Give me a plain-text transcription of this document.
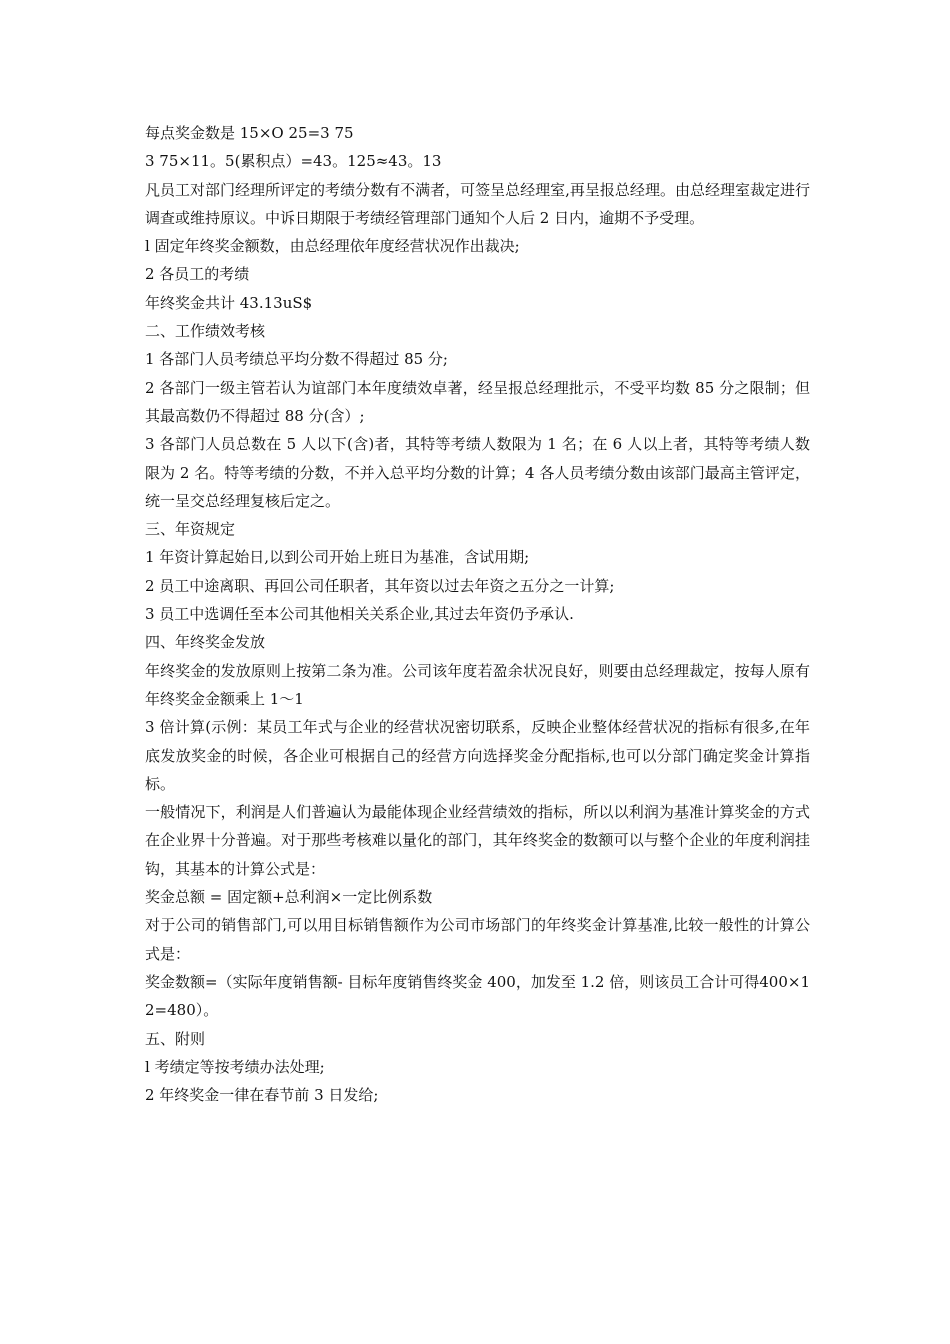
每点奖金数是 15×O 25=3 75

3 75×11。5(累积点）=43。125≈43。13

凡员工对部门经理所评定的考绩分数有不满者，可签呈总经理室,再呈报总经理。由总经理室裁定进行调查或维持原议。中诉日期限于考绩经管理部门通知个人后 2 日内，逾期不予受理。

l 固定年终奖金额数，由总经理依年度经营状况作出裁决;

2 各员工的考绩

年终奖金共计 43.13uS$

二、工作绩效考核

1 各部门人员考绩总平均分数不得超过 85 分;

2 各部门一级主管若认为谊部门本年度绩效卓著，经呈报总经理批示，不受平均数 85 分之限制；但其最高数仍不得超过 88 分(含）;

3 各部门人员总数在 5 人以下(含)者，其特等考绩人数限为 1 名；在 6 人以上者，其特等考绩人数限为 2 名。特等考绩的分数，不并入总平均分数的计算；4 各人员考绩分数由该部门最高主管评定，统一呈交总经理复核后定之。

三、年资规定

1 年资计算起始日,以到公司开始上班日为基准，含试用期;

2 员工中途离职、再回公司任职者，其年资以过去年资之五分之一计算;

3 员工中选调任至本公司其他相关关系企业,其过去年资仍予承认.

四、年终奖金发放

年终奖金的发放原则上按第二条为准。公司该年度若盈余状况良好，则要由总经理裁定，按每人原有年终奖金金额乘上 1～1

3 倍计算(示例：某员工年式与企业的经营状况密切联系，反映企业整体经营状况的指标有很多,在年底发放奖金的时候，各企业可根据自己的经营方向选择奖金分配指标,也可以分部门确定奖金计算指标。

一般情况下，利润是人们普遍认为最能体现企业经营绩效的指标，所以以利润为基准计算奖金的方式在企业界十分普遍。对于那些考核难以量化的部门，其年终奖金的数额可以与整个企业的年度利润挂钩，其基本的计算公式是：

奖金总额 = 固定额+总利润×一定比例系数

对于公司的销售部门,可以用目标销售额作为公司市场部门的年终奖金计算基准,比较一般性的计算公式是：

奖金数额=（实际年度销售额- 目标年度销售终奖金 400，加发至 1.2 倍，则该员工合计可得400×1 2=480）。

五、附则

l 考绩定等按考绩办法处理;

2 年终奖金一律在春节前 3 日发给;
